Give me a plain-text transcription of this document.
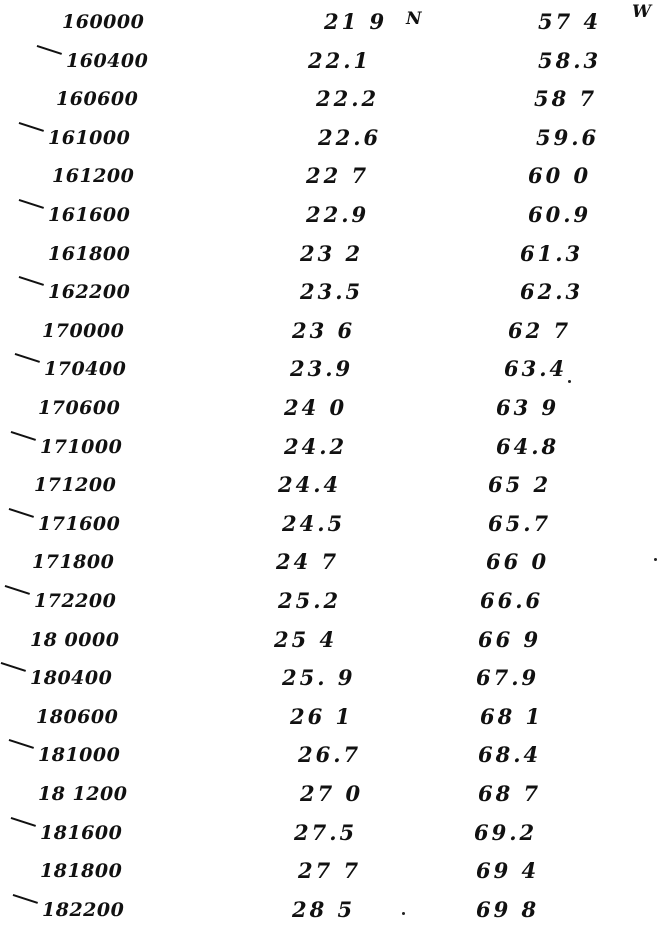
N	W
160000	21 9	57 4
160400	22.1	58.3
160600	22.2	58 7
161000	22.6	59.6
161200	22 7	60 0
161600	22.9	60.9
161800	23 2	61.3
162200	23.5	62.3
170000	23 6	62 7
170400	23.9	63.4
170600	24 0	63 9
171000	24.2	64.8
171200	24.4	65 2
171600	24.5	65.7
171800	24 7	66 0
172200	25.2	66.6
18 0000	25 4	66 9
180400	25. 9	67.9
180600	26 1	68 1
181000	26.7	68.4
18 1200	27 0	68 7
181600	27.5	69.2
181800	27 7	69 4
182200	28 5	69 8
